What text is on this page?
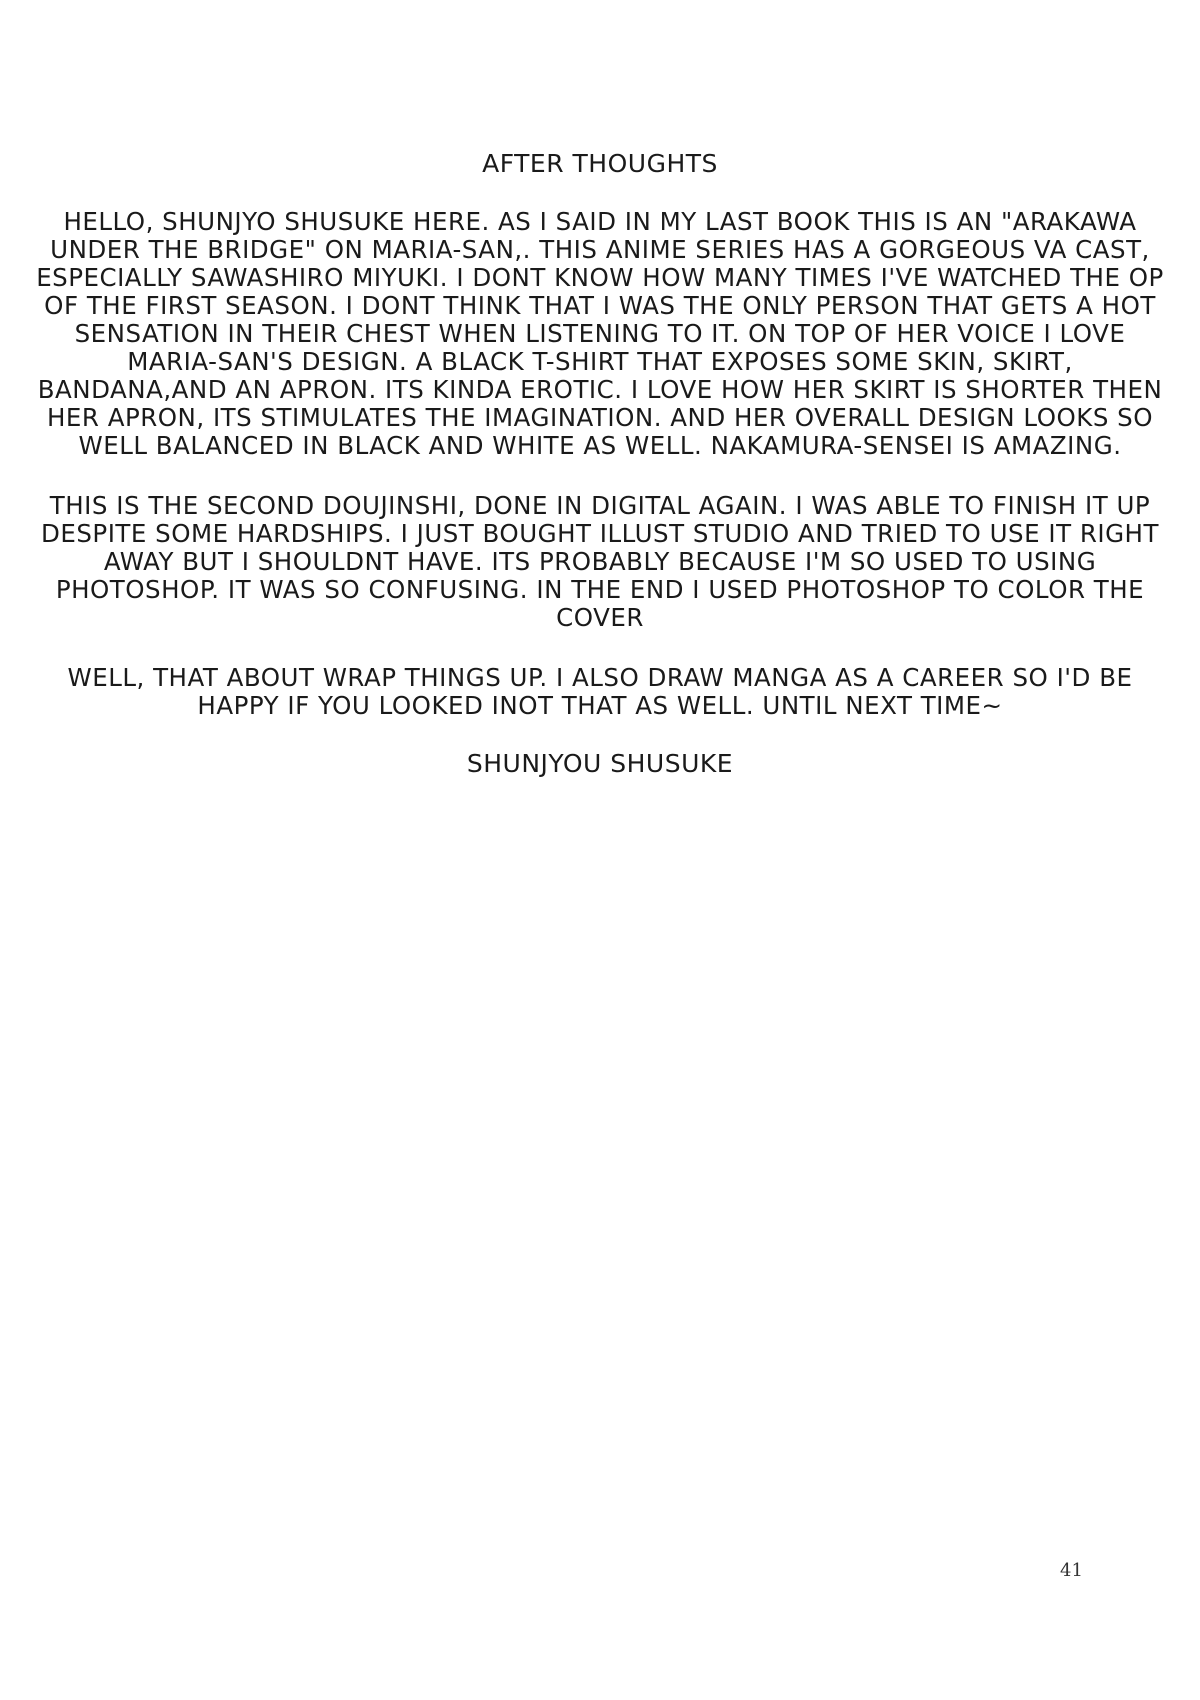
AFTER THOUGHTS
HELLO, SHUNJYO SHUSUKE HERE. AS I SAID IN MY LAST BOOK THIS IS AN "ARAKAWA UNDER THE BRIDGE" ON MARIA-SAN,. THIS ANIME SERIES HAS A GORGEOUS VA CAST, ESPECIALLY SAWASHIRO MIYUKI. I DONT KNOW HOW MANY TIMES I'VE WATCHED THE OP OF THE FIRST SEASON. I DONT THINK THAT I WAS THE ONLY PERSON THAT GETS A HOT SENSATION IN THEIR CHEST WHEN LISTENING TO IT. ON TOP OF HER VOICE I LOVE MARIA-SAN'S DESIGN. A BLACK T-SHIRT THAT EXPOSES SOME SKIN, SKIRT, BANDANA,AND AN APRON. ITS KINDA EROTIC. I LOVE HOW HER SKIRT IS SHORTER THEN HER APRON, ITS STIMULATES THE IMAGINATION. AND HER OVERALL DESIGN LOOKS SO WELL BALANCED IN BLACK AND WHITE AS WELL. NAKAMURA-SENSEI IS AMAZING.
THIS IS THE SECOND DOUJINSHI, DONE IN DIGITAL AGAIN. I WAS ABLE TO FINISH IT UP DESPITE SOME HARDSHIPS. I JUST BOUGHT ILLUST STUDIO AND TRIED TO USE IT RIGHT AWAY BUT I SHOULDNT HAVE. ITS PROBABLY BECAUSE I'M SO USED TO USING PHOTOSHOP. IT WAS SO CONFUSING. IN THE END I USED PHOTOSHOP TO COLOR THE COVER
WELL, THAT ABOUT WRAP THINGS UP. I ALSO DRAW MANGA AS A CAREER SO I'D BE HAPPY IF YOU LOOKED INOT THAT AS WELL. UNTIL NEXT TIME~
SHUNJYOU SHUSUKE
41
